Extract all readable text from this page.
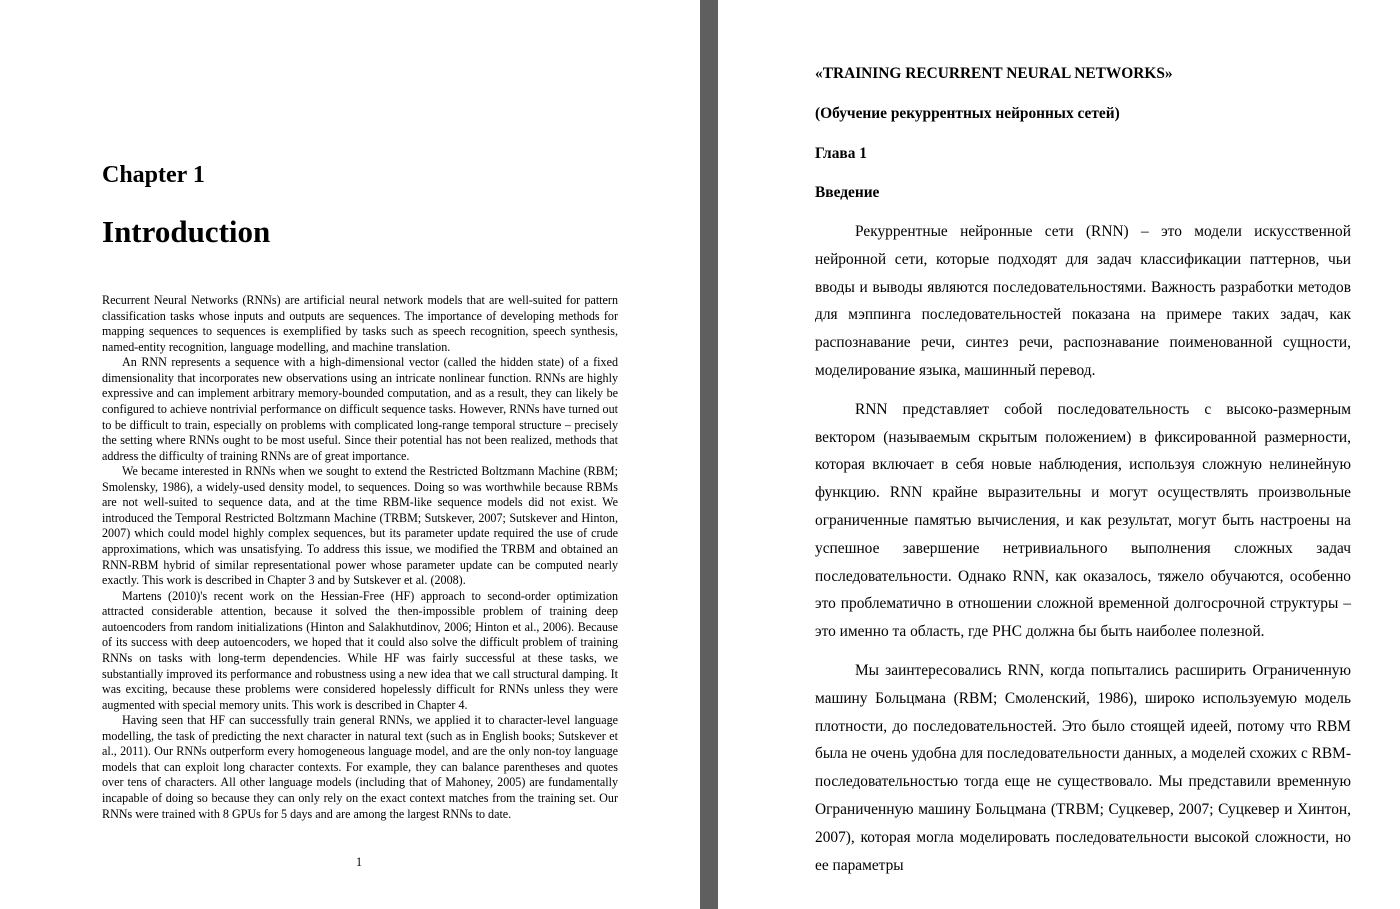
Chapter 1
Introduction

Recurrent Neural Networks (RNNs) are artificial neural network models that are well-suited for pattern classification tasks whose inputs and outputs are sequences. The importance of developing methods for mapping sequences to sequences is exemplified by tasks such as speech recognition, speech synthesis, named-entity recognition, language modelling, and machine translation.

An RNN represents a sequence with a high-dimensional vector (called the hidden state) of a fixed dimensionality that incorporates new observations using an intricate nonlinear function. RNNs are highly expressive and can implement arbitrary memory-bounded computation, and as a result, they can likely be configured to achieve nontrivial performance on difficult sequence tasks. However, RNNs have turned out to be difficult to train, especially on problems with complicated long-range temporal structure – precisely the setting where RNNs ought to be most useful. Since their potential has not been realized, methods that address the difficulty of training RNNs are of great importance.

We became interested in RNNs when we sought to extend the Restricted Boltzmann Machine (RBM; Smolensky, 1986), a widely-used density model, to sequences. Doing so was worthwhile because RBMs are not well-suited to sequence data, and at the time RBM-like sequence models did not exist. We introduced the Temporal Restricted Boltzmann Machine (TRBM; Sutskever, 2007; Sutskever and Hinton, 2007) which could model highly complex sequences, but its parameter update required the use of crude approximations, which was unsatisfying. To address this issue, we modified the TRBM and obtained an RNN-RBM hybrid of similar representational power whose parameter update can be computed nearly exactly. This work is described in Chapter 3 and by Sutskever et al. (2008).

Martens (2010)'s recent work on the Hessian-Free (HF) approach to second-order optimization attracted considerable attention, because it solved the then-impossible problem of training deep autoencoders from random initializations (Hinton and Salakhutdinov, 2006; Hinton et al., 2006). Because of its success with deep autoencoders, we hoped that it could also solve the difficult problem of training RNNs on tasks with long-term dependencies. While HF was fairly successful at these tasks, we substantially improved its performance and robustness using a new idea that we call structural damping. It was exciting, because these problems were considered hopelessly difficult for RNNs unless they were augmented with special memory units. This work is described in Chapter 4.

Having seen that HF can successfully train general RNNs, we applied it to character-level language modelling, the task of predicting the next character in natural text (such as in English books; Sutskever et al., 2011). Our RNNs outperform every homogeneous language model, and are the only non-toy language models that can exploit long character contexts. For example, they can balance parentheses and quotes over tens of characters. All other language models (including that of Mahoney, 2005) are fundamentally incapable of doing so because they can only rely on the exact context matches from the training set. Our RNNs were trained with 8 GPUs for 5 days and are among the largest RNNs to date.

1
«TRAINING RECURRENT NEURAL NETWORKS»
(Обучение рекуррентных нейронных сетей)
Глава 1
Введение

Рекуррентные нейронные сети (RNN) – это модели искусственной нейронной сети, которые подходят для задач классификации паттернов, чьи вводы и выводы являются последовательностями. Важность разработки методов для мэппинга последовательностей показана на примере таких задач, как распознавание речи, синтез речи, распознавание поименованной сущности, моделирование языка, машинный перевод.

RNN представляет собой последовательность с высоко-размерным вектором (называемым скрытым положением) в фиксированной размерности, которая включает в себя новые наблюдения, используя сложную нелинейную функцию. RNN крайне выразительны и могут осуществлять произвольные ограниченные памятью вычисления, и как результат, могут быть настроены на успешное завершение нетривиального выполнения сложных задач последовательности. Однако RNN, как оказалось, тяжело обучаются, особенно это проблематично в отношении сложной временной долгосрочной структуры – это именно та область, где РНС должна бы быть наиболее полезной.

Мы заинтересовались RNN, когда попытались расширить Ограниченную машину Больцмана (RBM; Смоленский, 1986), широко используемую модель плотности, до последовательностей. Это было стоящей идеей, потому что RBM была не очень удобна для последовательности данных, а моделей схожих с RBM-последовательностью тогда еще не существовало. Мы представили временную Ограниченную машину Больцмана (TRBM; Суцкевер, 2007; Суцкевер и Хинтон, 2007), которая могла моделировать последовательности высокой сложности, но ее параметры
